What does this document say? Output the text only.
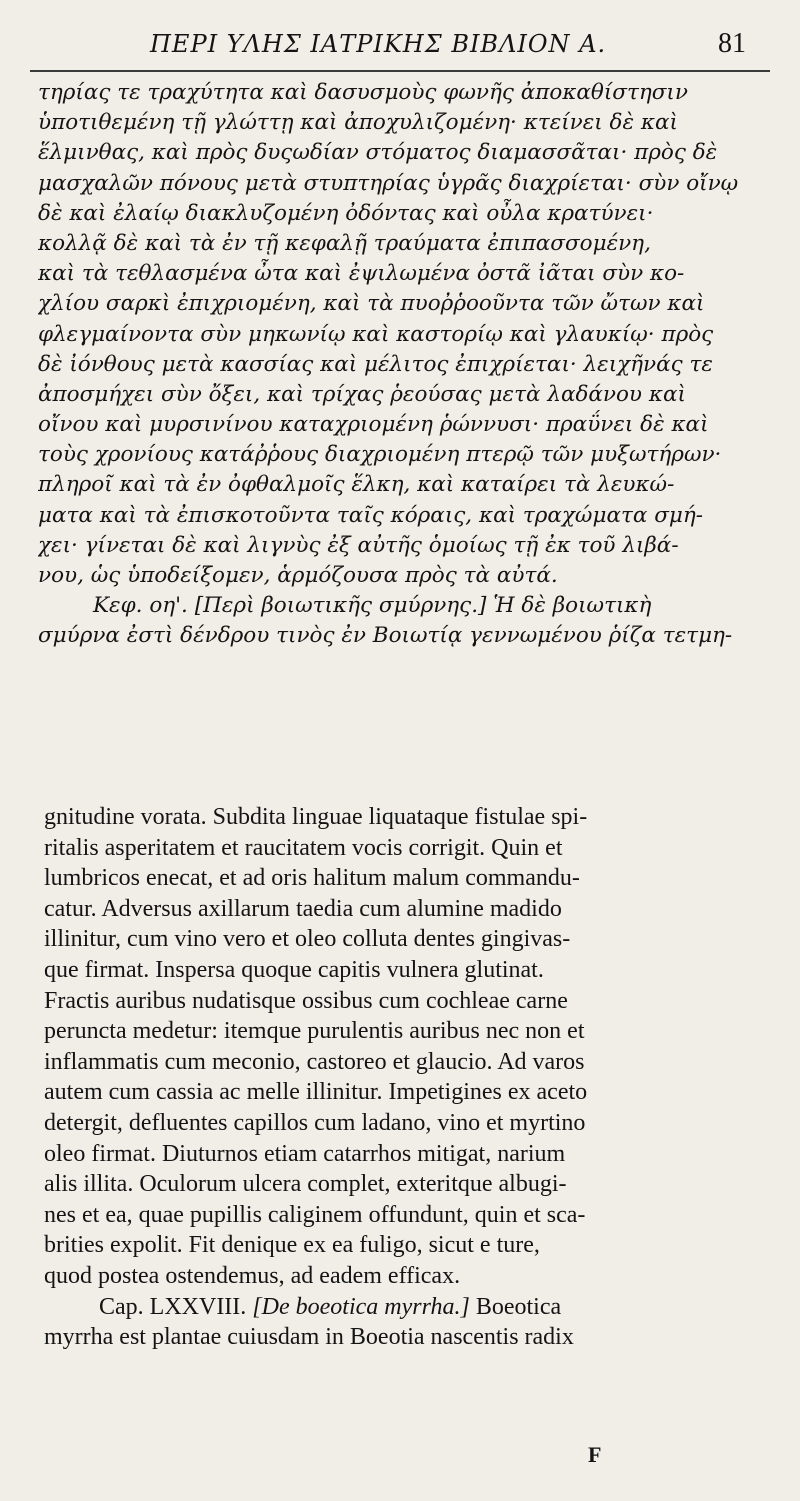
ΠΕΡΙ ΥΛΗΣ ΙΑΤΡΙΚΗΣ ΒΙΒΛΙΟΝ Α.	81
τηρίας τε τραχύτητα καὶ δασυσμοὺς φωνῆς ἀποκαθίστησιν
ὑποτιθεμένη τῇ γλώττῃ καὶ ἀποχυλιζομένη· κτείνει δὲ καὶ
ἕλμινθας, καὶ πρὸς δυςωδίαν στόματος διαμασσᾶται· πρὸς δὲ
μασχαλῶν πόνους μετὰ στυπτηρίας ὑγρᾶς διαχρίεται· σὺν οἴνῳ
δὲ καὶ ἐλαίῳ διακλυζομένη ὀδόντας καὶ οὖλα κρατύνει·
κολλᾷ δὲ καὶ τὰ ἐν τῇ κεφαλῇ τραύματα ἐπιπασσομένη,
καὶ τὰ τεθλασμένα ὦτα καὶ ἐψιλωμένα ὀστᾶ ἰᾶται σὺν κο-
χλίου σαρκὶ ἐπιχριομένη, καὶ τὰ πυοῤῥοοῦντα τῶν ὤτων καὶ
φλεγμαίνοντα σὺν μηκωνίῳ καὶ καστορίῳ καὶ γλαυκίῳ· πρὸς
δὲ ἰόνθους μετὰ κασσίας καὶ μέλιτος ἐπιχρίεται· λειχῆνάς τε
ἀποσμήχει σὺν ὄξει, καὶ τρίχας ῥεούσας μετὰ λαδάνου καὶ
οἴνου καὶ μυρσινίνου καταχριομένη ῥώννυσι· πραΰνει δὲ καὶ
τοὺς χρονίους κατάῤῥους διαχριομένη πτερῷ τῶν μυξωτήρων·
πληροῖ καὶ τὰ ἐν ὀφθαλμοῖς ἕλκη, καὶ καταίρει τὰ λευκώ-
ματα καὶ τὰ ἐπισκοτοῦντα ταῖς κόραις, καὶ τραχώματα σμή-
χει· γίνεται δὲ καὶ λιγνὺς ἐξ αὐτῆς ὁμοίως τῇ ἐκ τοῦ λιβά-
νου, ὡς ὑποδείξομεν, ἁρμόζουσα πρὸς τὰ αὐτά.
Κεφ. οη'. [Περὶ βοιωτικῆς σμύρνης.] Ἡ δὲ βοιωτικὴ
σμύρνα ἐστὶ δένδρου τινὸς ἐν Βοιωτίᾳ γεννωμένου ῥίζα τετμη-
gnitudine vorata. Subdita linguae liquataque fistulae spi-
ritalis asperitatem et raucitatem vocis corrigit. Quin et
lumbricos enecat, et ad oris halitum malum commandu-
catur. Adversus axillarum taedia cum alumine madido
illinitur, cum vino vero et oleo colluta dentes gingivas-
que firmat. Inspersa quoque capitis vulnera glutinat.
Fractis auribus nudatisque ossibus cum cochleae carne
peruncta medetur: itemque purulentis auribus nec non et
inflammatis cum meconio, castoreo et glaucio. Ad varos
autem cum cassia ac melle illinitur. Impetigines ex aceto
detergit, defluentes capillos cum ladano, vino et myrtino
oleo firmat. Diuturnos etiam catarrhos mitigat, narium
alis illita. Oculorum ulcera complet, exteritque albugi-
nes et ea, quae pupillis caliginem offundunt, quin et sca-
brities expolit. Fit denique ex ea fuligo, sicut e ture,
quod postea ostendemus, ad eadem efficax.
Cap. LXXVIII. [De boeotica myrrha.] Boeotica
myrrha est plantae cuiusdam in Boeotia nascentis radix
F
